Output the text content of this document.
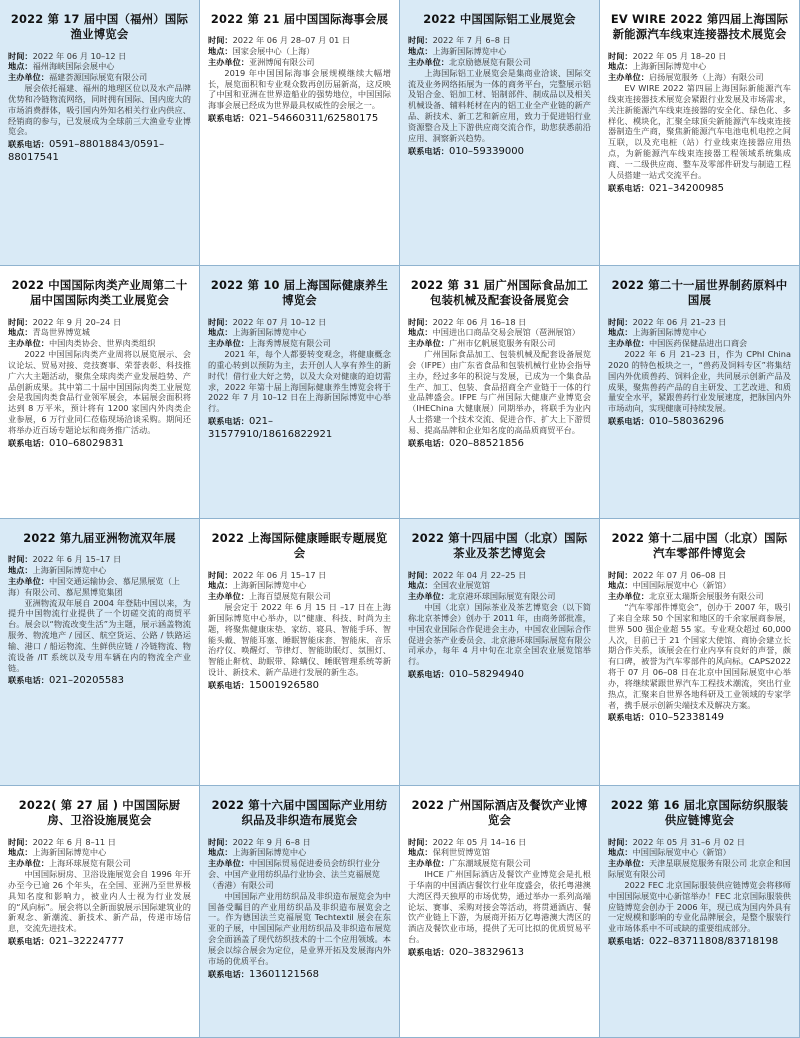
2022 第 17 届中国（福州）国际渔业博览会
时间：2022 年 06 月 10–12 日
地点：福州海峡国际会展中心
主办单位：福建荟源国际展览有限公司

展会依托福建、福州的地理区位以及水产品牌优势和冷链物流网络，同时拥有国际、国内庞大的市场消费群体，吸引国内外知名相关行业内供应、经销商的参与，已发展成为全球前三大渔业专业博览会。

联系电话：0591–88018843/0591–88017541
2022 第 21 届中国国际海事会展
时间：2022 年 06 月 28–07 月 01 日
地点：国家会展中心（上海）
主办单位：亚洲博闻有限公司

2019 年中国国际海事会展规模继续大幅增长，展览面积和专业观众数再创历届新高，这反映了中国和亚洲在世界造船业的强势地位，中国国际海事会展已经成为世界最具权威性的会展之一。

联系电话：021–54660311/6258017​5
2022 中国国际铝工业展览会
时间：2022 年 7 月 6–8 日
地点：上海新国际博览中心
主办单位：北京励德展览有限公司

上海国际铝工业展览会是集商业洽谈、国际交流及业务网络拓展为一体的商务平台，完整展示铝及铝合金、铝加工材、铝制部件、制成品以及相关机械设备、辅料耗材在内的铝工业全产业链的新产品、新技术、新工艺和新应用，致力于促进铝行业资源整合及上下游供应商交流合作，助您获悉前沿应用、洞察新兴趋势。

联系电话：010–59339000
EV WIRE 2022 第四届上海国际新能源汽车线束连接器技术展览会
时间：2022 年 05 月 18–20 日
地点：上海新国际博览中心
主办单位：启扬展览服务（上海）有限公司

EV WIRE 2022 第四届上海国际新能源汽车线束连接器技术展览会紧跟行业发展及市场需求，关注新能源汽车线束连接器的安全化、绿色化、多样化、模块化，汇聚全球顶尖新能源汽车线束连接器制造生产商，聚焦新能源汽车电池电机电控之间互联，以及充电桩（站）行业线束连接器应用热点，为新能源汽车线束连接器工程领域系统集成商、一二级供应商、整车及零部件研发与制造工程人员搭建一站式交流平台。

联系电话：021–34200985
2022 中国国际肉类产业周第二十届中国国际肉类工业展览会
时间：2022 年 9 月 20–24 日
地点：青岛世界博览城
主办单位：中国肉类协会、世界肉类组织

2022 中国国际肉类产业周将以展览展示、会议论坛、贸易对接、竞技赛事、荣誉表彰、科技推广六大主题活动，聚焦全球肉类产业发展趋势、产品创新成果。其中第二十届中国国际肉类工业展览会是我国肉类食品行业领军展会，本届展会面积将达到 8 万平米，预计将有 1200 家国内外肉类企业参展，6 万行业同仁莅临现场洽谈采购。期间还将举办近百场专题论坛和商务推广活动。

联系电话：010–68029831
2022 第 10 届上海国际健康养生博览会
时间：2022 年 07 月 10–12 日
地点：上海新国际博览中心
主办单位：上海秀博展览有限公司

2021 年，每个人都要转变观念，将健康概念的重心转到以预防为主，去开创人人享有养生的新时代！借行业大好之势，以及大众对健康的迫切需求，2022 年第十届上海国际健康养生博览会将于 2022 年 7 月 10–12 日在上海新国际博览中心举行。

联系电话：021–31577910/18616822921
2022 第 31 届广州国际食品加工包装机械及配套设备展览会
时间：2022 年 06 月 16–18 日
地点：中国进出口商品交易会展馆（琶洲展馆）
主办单位：广州市亿帆展览服务有限公司

广州国际食品加工、包装机械及配套设备展览会（IFPE）由广东省食品和包装机械行业协会指导主办，经过多年的积淀与发展，已成为一个集食品生产、加工、包装、食品招商全产业链于一体的行业品牌盛会。IFPE 与广州国际大健康产业博览会（IHEChina 大健康展）同期举办，将联手为业内人士搭建一个技术交流、促进合作、扩大上下游贸易、提高品牌和企业知名度的高品质商贸平台。

联系电话：020–88521856
2022 第二十一届世界制药原料中国展
时间：2022 年 06 月 21–23 日
地点：上海新国际博览中心
主办单位：中国医药保健品进出口商会

2022 年 6 月 21–23 日，作为 CPhI China 2020 的特色板块之一，“兽药及饲料专区”将集结国内外优质兽药、饲料企业，共同展示创新产品及成果，聚焦兽药产品的自主研发、工艺改进、和质量安全水平，紧跟兽药行业发展速度，把脉国内外市场动向，实现健康可持续发展。

联系电话：010–58036296
2022 第九届亚洲物流双年展
时间：2022 年 6 月 15–17 日
地点：上海新国际博览中心
主办单位：中国交通运输协会、慕尼黑展览（上海）有限公司、慕尼黑博览集团

亚洲物流双年展自 2004 年登陆中国以来，为提升中国物流行业提供了一个切磋交流的商贸平台。展会以“物流改变生活”为主题，展示涵盖物流服务、物流地产 / 园区、航空货运、公路 / 铁路运输、港口 / 船运物流、生鲜供应链 / 冷链物流、物流设备 /IT 系统以及专用车辆在内的物流全产业链。

联系电话：021–20205583
2022 上海国际健康睡眠专题展览会
时间：2022 年 06 月 15–17 日
地点：上海新国际博览中心
主办单位：上海百望展览有限公司

展会定于 2022 年 6 月 15 日 –17 日在上海新国际博览中心举办，以“健康、科技、时尚为主题，将聚焦健康床垫、家纺、寝具、智能手环、智能头戴、智能耳塞、睡眠智能床套、智能床、音乐治疗仪、唤醒灯、节律灯、智能助眠灯、氛围灯、智能止鼾枕、助眠带、除螨仪、睡眠管理系统等新设计、新技术、新产品进行发展的新生态。

联系电话：15001926580
2022 第十四届中国（北京）国际茶业及茶艺博览会
时间：2022 年 04 月 22–25 日
地点：全国农业展览馆
主办单位：北京港环球国际展览有限公司

中国（北京）国际茶业及茶艺博览会（以下简称北京茶博会）创办于 2011 年，由商务部批准，中国农业国际合作促进会主办，中国农业国际合作促进会茶产业委员会、北京港环球国际展览有限公司承办，每年 4 月中旬在北京全国农业展览馆举行。

联系电话：010–58294940
2022 第十二届中国（北京）国际汽车零部件博览会
时间：2022 年 07 月 06–08 日
地点：中国国际展览中心（新馆）
主办单位：北京亚太瑞斯会展服务有限公司

“汽车零部件博览会”，创办于 2007 年，吸引了来自全球 50 个国家和地区的千余家展商参展，世界 500 强企业超 55 家。专业观众超过 60,000 人次，目前已于 21 个国家大使馆、商协会建立长期合作关系，该展会在行业内享有良好的声誉，颇有口碑，被誉为汽车零部件的风向标。CAPS2022 将于 07 月 06–08 日在北京中国国际展览中心举办，将继续紧跟世界汽车工程技术潮流，突出行业热点，汇聚来自世界各地科研及工业领域的专家学者，携手展示创新尖端技术及解决方案。

联系电话：010–52338149
2022( 第 27 届 ) 中国国际厨房、卫浴设施展览会
时间：2022 年 6 月 8–11 日
地点：上海新国际博览中心
主办单位：上海环球展览有限公司

中国国际厨房、卫浴设施展览会自 1996 年开办至今已逾 26 个年头，在全国、亚洲乃至世界极具知名度和影响力，被业内人士视为行业发展的“风向标”。展会将以全新面貌展示国际建筑业的新观念、新潮流、新技术、新产品，传递市场信息，交流先进技术。

联系电话：021–32224777
2022 第十六届中国国际产业用纺织品及非织造布展览会
时间：2022 年 9 月 6–8 日
地点：上海新国际博览中心
主办单位：中国国际贸易促进委员会纺织行业分会、中国产业用纺织品行业协会、法兰克福展览（香港）有限公司

中国国际产业用纺织品及非织造布展览会为中国备受瞩目的产业用纺织品及非织造布展览会之一。作为德国法兰克福展览 Techtextil 展会在东亚的子展，中国国际产业用纺织品及非织造布展览会全面涵盖了现代纺织技术的十二个应用领域。本展会以综合展会为定位，是业界开拓及发展海内外市场的优质平台。

联系电话：13601121568
2022 广州国际酒店及餐饮产业博览会
时间：2022 年 05 月 14–16 日
地点：保利世贸博览馆
主办单位：广东潮域展览有限公司

IHCE 广州国际酒店及餐饮产业博览会是扎根于华南的中国酒店餐饮行业年度盛会，依托粤港澳大湾区得天独厚的市场优势，通过举办一系列高端论坛、赛事、采购对接会等活动，将贯通酒店、餐饮产业链上下游，为展商开拓万亿粤港澳大湾区的酒店及餐饮业市场，提供了无可比拟的优质贸易平台。

联系电话：020–38329613
2022 第 16 届北京国际纺织服装供应链博览会
时间：2022 年 05 月 31–6 月 02 日
地点：中国国际展览中心（新馆）
主办单位：天津星联展览服务有限公司 北京企和国际展览有限公司

2022 FEC 北京国际服装供应链博览会将移师中国国际展览中心新馆举办！FEC 北京国际服装供应链博览会创办于 2006 年，现已成为国内外具有一定规模和影响的专业化品牌展会，是整个服装行业市场体系中不可或缺的重要组成部分。

联系电话：022–83711808/83718198
